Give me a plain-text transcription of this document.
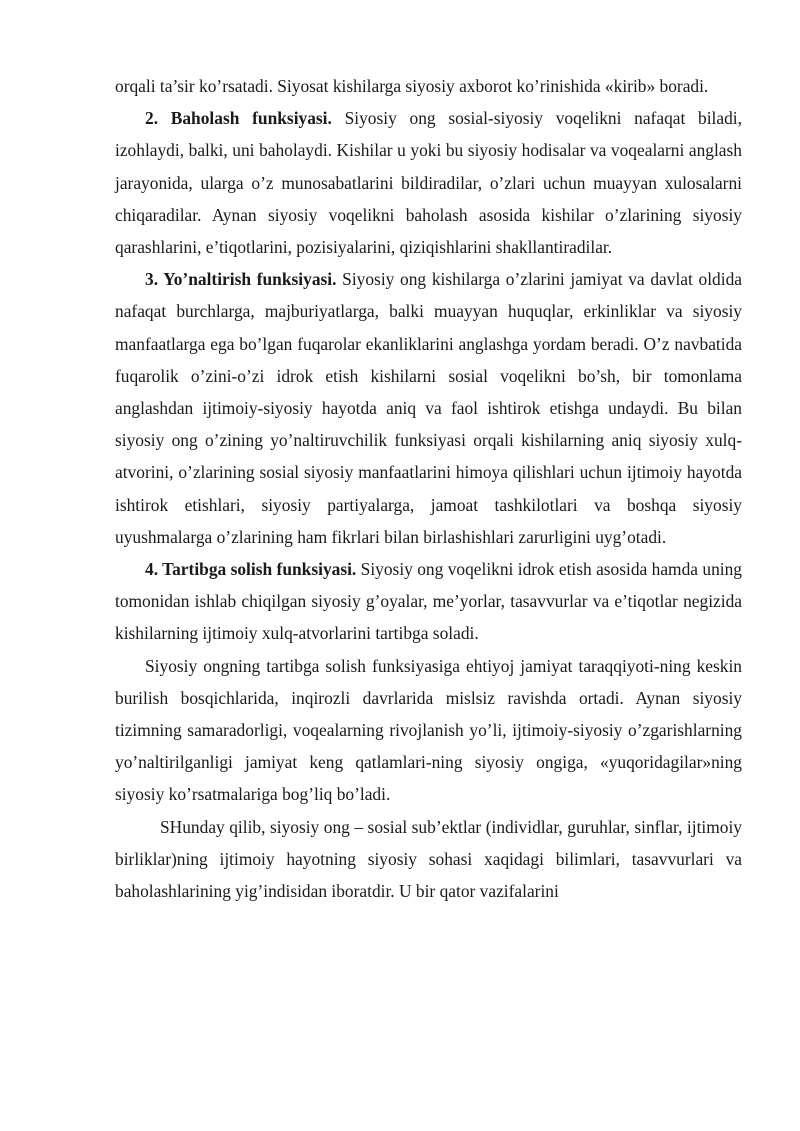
orqali ta’sir ko’rsatadi. Siyosat kishilarga siyosiy axborot ko’rinishida «kirib» boradi.

2. Baholash funksiyasi. Siyosiy ong sosial-siyosiy voqelikni nafaqat biladi, izohlaydi, balki, uni baholaydi. Kishilar u yoki bu siyosiy hodisalar va voqealarni anglash jarayonida, ularga o’z munosabatlarini bildiradilar, o’zlari uchun muayyan xulosalarni chiqaradilar. Aynan siyosiy voqelikni baholash asosida kishilar o’zlarining siyosiy qarashlarini, e’tiqotlarini, pozisiyalarini, qiziqishlarini shakllantiradilar.

3. Yo’naltirish funksiyasi. Siyosiy ong kishilarga o’zlarini jamiyat va davlat oldida nafaqat burchlarga, majburiyatlarga, balki muayyan huquqlar, erkinliklar va siyosiy manfaatlarga ega bo’lgan fuqarolar ekanliklarini anglashga yordam beradi. O’z navbatida fuqarolik o’zini-o’zi idrok etish kishilarni sosial voqelikni bo’sh, bir tomonlama anglashdan ijtimoiy-siyosiy hayotda aniq va faol ishtirok etishga undaydi. Bu bilan siyosiy ong o’zining yo’naltiruvchilik funksiyasi orqali kishilarning aniq siyosiy xulq-atvorini, o’zlarining sosial siyosiy manfaatlarini himoya qilishlari uchun ijtimoiy hayotda ishtirok etishlari, siyosiy partiyalarga, jamoat tashkilotlari va boshqa siyosiy uyushmalarga o’zlarining ham fikrlari bilan birlashishlari zarurligini uyg’otadi.

4. Tartibga solish funksiyasi. Siyosiy ong voqelikni idrok etish asosida hamda uning tomonidan ishlab chiqilgan siyosiy g’oyalar, me’yorlar, tasavvurlar va e’tiqotlar negizida kishilarning ijtimoiy xulq-atvorlarini tartibga soladi.

Siyosiy ongning tartibga solish funksiyasiga ehtiyoj jamiyat taraqqiyoti-ning keskin burilish bosqichlarida, inqirozli davrlarida mislsiz ravishda ortadi. Aynan siyosiy tizimning samaradorligi, voqealarning rivojlanish yo’li, ijtimoiy-siyosiy o’zgarishlarning yo’naltirilganligi jamiyat keng qatlamlari-ning siyosiy ongiga, «yuqoridagilar»ning siyosiy ko’rsatmalariga bog’liq bo’ladi.

SHunday qilib, siyosiy ong – sosial sub’ektlar (individlar, guruhlar, sinflar, ijtimoiy birliklar)ning ijtimoiy hayotning siyosiy sohasi xaqidagi bilimlari, tasavvurlari va baholashlarining yig’indisidan iboratdir. U bir qator vazifalarini
